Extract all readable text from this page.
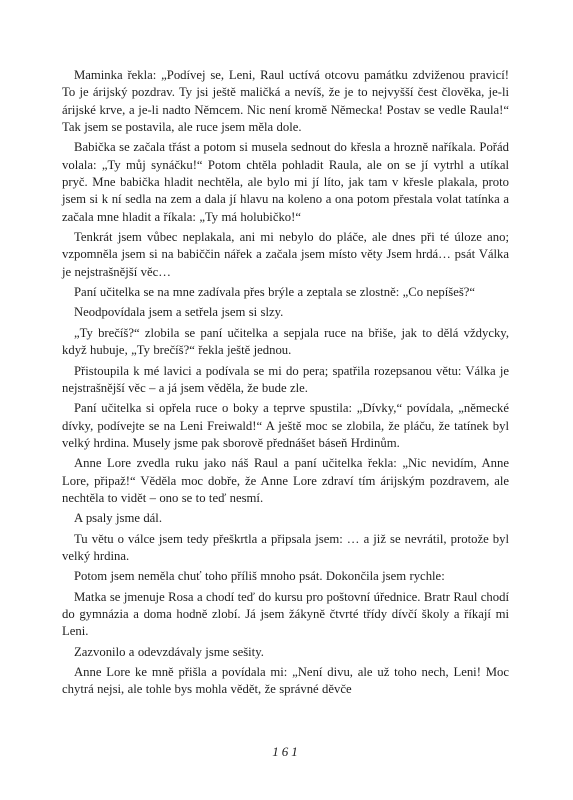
Maminka řekla: „Podívej se, Leni, Raul uctívá otcovu památku zdviženou pravicí! To je árijský pozdrav. Ty jsi ještě maličká a nevíš, že je to nejvyšší čest člověka, je-li árijské krve, a je-li nadto Němcem. Nic není kromě Německa! Postav se vedle Raula!“ Tak jsem se postavila, ale ruce jsem měla dole.

Babička se začala třást a potom si musela sednout do křesla a hrozně naříkala. Pořád volala: „Ty můj synáčku!“ Potom chtěla pohladit Raula, ale on se jí vytrhl a utíkal pryč. Mne babička hladit nechtěla, ale bylo mi jí líto, jak tam v křesle plakala, proto jsem si k ní sedla na zem a dala jí hlavu na koleno a ona potom přestala volat tatínka a začala mne hladit a říkala: „Ty má holubičko!“

Tenkrát jsem vůbec neplakala, ani mi nebylo do pláče, ale dnes při té úloze ano; vzpomněla jsem si na babiččin nářek a začala jsem místo věty Jsem hrdá… psát Válka je nejstrašnější věc…

Paní učitelka se na mne zadívala přes brýle a zeptala se zlostně: „Co nepíšeš?“

Neodpovídala jsem a setřela jsem si slzy.

„Ty brečíš?“ zlobila se paní učitelka a sepjala ruce na břiše, jak to dělá vždycky, když hubuje, „Ty brečíš?“ řekla ještě jednou.

Přistoupila k mé lavici a podívala se mi do pera; spatřila rozepsanou větu: Válka je nejstrašnější věc – a já jsem věděla, že bude zle.

Paní učitelka si opřela ruce o boky a teprve spustila: „Dívky,“ povídala, „německé dívky, podívejte se na Leni Freiwald!“ A ještě moc se zlobila, že pláču, že tatínek byl velký hrdina. Musely jsme pak sborově přednášet báseň Hrdinům.

Anne Lore zvedla ruku jako náš Raul a paní učitelka řekla: „Nic nevidím, Anne Lore, připaž!“ Věděla moc dobře, že Anne Lore zdraví tím árijským pozdravem, ale nechtěla to vidět – ono se to teď nesmí.

A psaly jsme dál.

Tu větu o válce jsem tedy přeškrtla a připsala jsem: … a již se nevrátil, protože byl velký hrdina.

Potom jsem neměla chuť toho příliš mnoho psát. Dokončila jsem rychle:

Matka se jmenuje Rosa a chodí teď do kursu pro poštovní úřednice. Bratr Raul chodí do gymnázia a doma hodně zlobí. Já jsem žákyně čtvrté třídy dívčí školy a říkají mi Leni.

Zazvonilo a odevzdávaly jsme sešity.

Anne Lore ke mně přišla a povídala mi: „Není divu, ale už toho nech, Leni! Moc chytrá nejsi, ale tohle bys mohla vědět, že správné děvče

161
